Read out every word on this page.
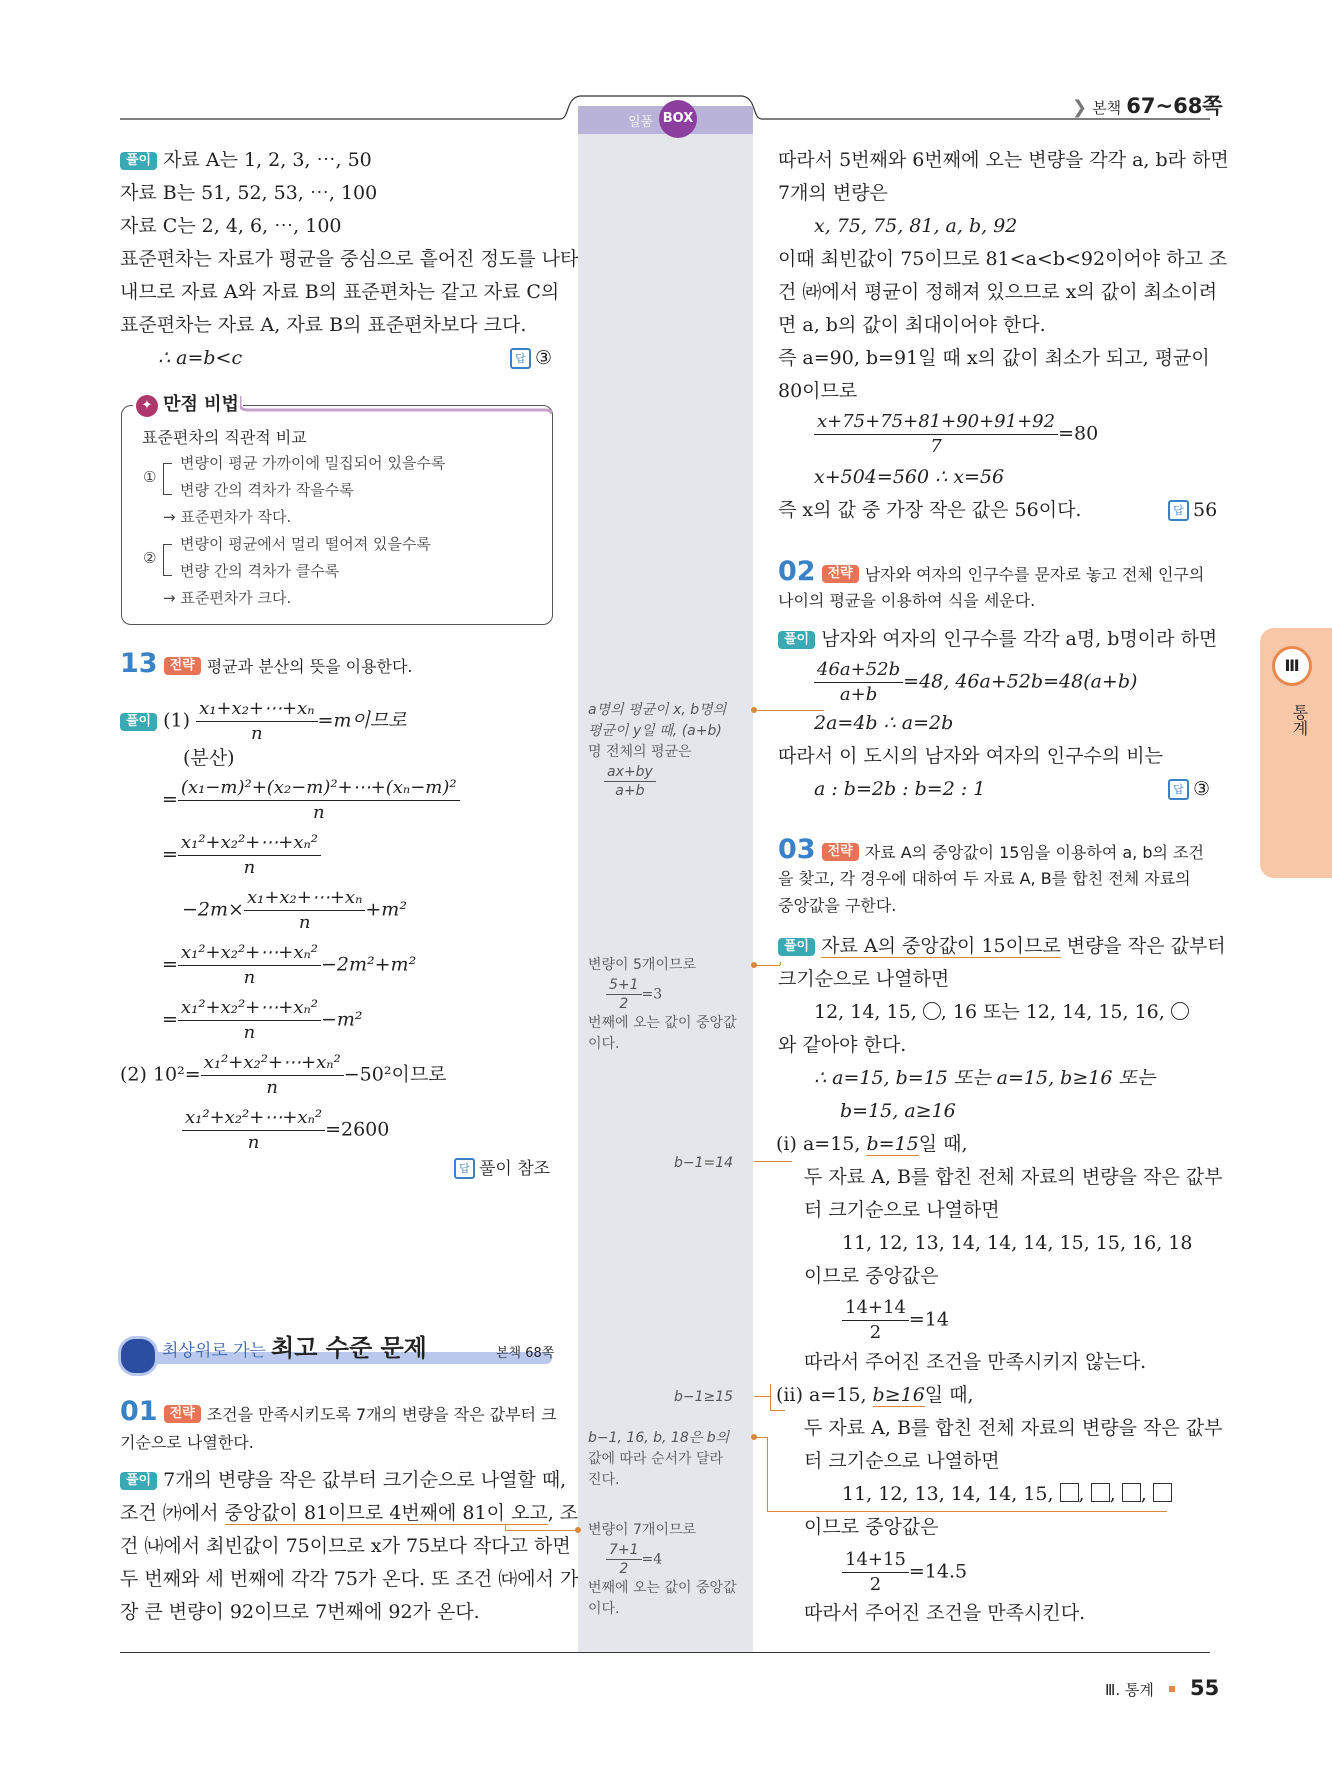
일품 BOX
❯ 본책 67~68쪽
Ⅲ
통계
풀이 자료 A는 1, 2, 3, ⋯, 50
자료 B는 51, 52, 53, ⋯, 100
자료 C는 2, 4, 6, ⋯, 100
표준편차는 자료가 평균을 중심으로 흩어진 정도를 나타
내므로 자료 A와 자료 B의 표준편차는 같고 자료 C의
표준편차는 자료 A, 자료 B의 표준편차보다 크다.
∴ a=b<c	답 ③
✦ 만점 비법
표준편차의 직관적 비교
①
변량이 평균 가까이에 밀집되어 있을수록
변량 간의 격차가 작을수록
→ 표준편차가 작다.
②
변량이 평균에서 멀리 떨어져 있을수록
변량 간의 격차가 클수록
→ 표준편차가 크다.
13 전략 평균과 분산의 뜻을 이용한다.
풀이 $(1) \frac{\text{x₁+x₂+⋯+xₙ}}{n} =m$이므로
(분산)
= $\frac{\text{(x₁−m)²+(x₂−m)²+⋯+(xₙ−m)²}}{n}$
= $\frac{\text{x₁²+x₂²+⋯+xₙ²}}{n}$
$-2m\times \frac{\text{x₁+x₂+⋯+xₙ}}{n} +m^2$
= $\frac{\text{x₁²+x₂²+⋯+xₙ²}}{n} -2m^2+m^2$
= $\frac{\text{x₁²+x₂²+⋯+xₙ²}}{n} -m^2$
(2) $10^2= \frac{\text{x₁²+x₂²+⋯+xₙ²}}{n} -50^2$이므로
$\frac{\text{x₁²+x₂²+⋯+xₙ²}}{n} =2600$
답 풀이 참조
최상위로 가는 최고 수준 문제	본책 68쪽
01 전략 조건을 만족시키도록 7개의 변량을 작은 값부터 크
기순으로 나열한다.
풀이 7개의 변량을 작은 값부터 크기순으로 나열할 때,
조건 ㈎에서 중앙값이 81이므로 4번째에 81이 오고, 조
건 ㈏에서 최빈값이 75이므로 x가 75보다 작다고 하면
두 번째와 세 번째에 각각 75가 온다. 또 조건 ㈐에서 가
장 큰 변량이 92이므로 7번째에 92가 온다.
a명의 평균이 x, b명의
평균이 y일 때, (a+b)
명 전체의 평균은
$\frac{ax+by}{a+b}$
변량이 5개이므로
$\frac{5+1}{2} =3$
번째에 오는 값이 중앙값
이다.
b−1=14
b−1≥15
b−1, 16, b, 18은 b의
값에 따라 순서가 달라
진다.
변량이 7개이므로
$\frac{7+1}{2} =4$
번째에 오는 값이 중앙값
이다.
따라서 5번째와 6번째에 오는 변량을 각각 a, b라 하면
7개의 변량은
x, 75, 75, 81, a, b, 92
이때 최빈값이 75이므로 81<a<b<92이어야 하고 조
건 ㈑에서 평균이 정해져 있으므로 x의 값이 최소이려
면 a, b의 값이 최대이어야 한다.
즉 a=90, b=91일 때 x의 값이 최소가 되고, 평균이
80이므로
$\frac{x+75+75+81+90+91+92}{7} =80$
x+504=560 ∴ x=56
즉 x의 값 중 가장 작은 값은 56이다.	답 56
02 전략 남자와 여자의 인구수를 문자로 놓고 전체 인구의
나이의 평균을 이용하여 식을 세운다.
풀이 남자와 여자의 인구수를 각각 a명, b명이라 하면
$\frac{46a+52b}{a+b} =48$, 46a+52b=48(a+b)
2a=4b ∴ a=2b
따라서 이 도시의 남자와 여자의 인구수의 비는
a : b=2b : b=2 : 1	답 ③
03 전략 자료 A의 중앙값이 15임을 이용하여 a, b의 조건
을 찾고, 각 경우에 대하여 두 자료 A, B를 합친 전체 자료의
중앙값을 구한다.
풀이 자료 A의 중앙값이 15이므로 변량을 작은 값부터
크기순으로 나열하면
12, 14, 15, , 16 또는 12, 14, 15, 16,
와 같아야 한다.
∴ a=15, b=15 또는 a=15, b≥16 또는
b=15, a≥16
(ⅰ) a=15, b=15일 때,
두 자료 A, B를 합친 전체 자료의 변량을 작은 값부
터 크기순으로 나열하면
11, 12, 13, 14, 14, 14, 15, 15, 16, 18
이므로 중앙값은
$\frac{14+14}{2} =14$
따라서 주어진 조건을 만족시키지 않는다.
(ⅱ) a=15, b≥16일 때,
두 자료 A, B를 합친 전체 자료의 변량을 작은 값부
터 크기순으로 나열하면
11, 12, 13, 14, 14, 15, , , ,
이므로 중앙값은
$\frac{14+15}{2} =14.5$
따라서 주어진 조건을 만족시킨다.
Ⅲ. 통계 55
